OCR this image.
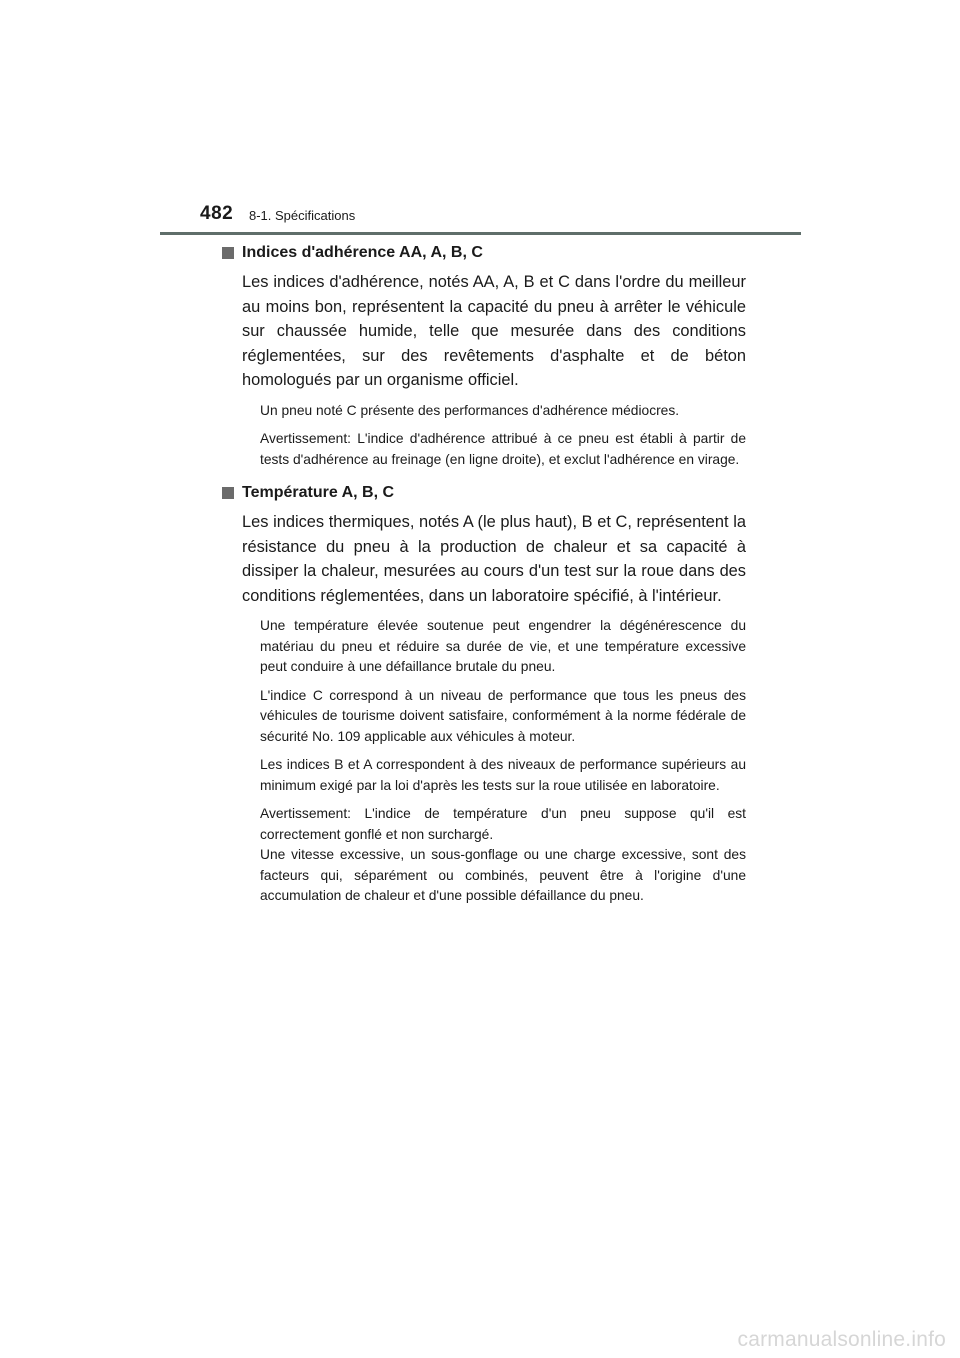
482 8-1. Spécifications
Indices d'adhérence AA, A, B, C

Les indices d'adhérence, notés AA, A, B et C dans l'ordre du meilleur au moins bon, représentent la capacité du pneu à arrêter le véhicule sur chaussée humide, telle que mesurée dans des conditions réglementées, sur des revêtements d'asphalte et de béton homologués par un organisme officiel.

Un pneu noté C présente des performances d'adhérence médiocres.

Avertissement: L'indice d'adhérence attribué à ce pneu est établi à partir de tests d'adhérence au freinage (en ligne droite), et exclut l'adhérence en virage.

Température A, B, C

Les indices thermiques, notés A (le plus haut), B et C, représentent la résistance du pneu à la production de chaleur et sa capacité à dissiper la chaleur, mesurées au cours d'un test sur la roue dans des conditions réglementées, dans un laboratoire spécifié, à l'intérieur.

Une température élevée soutenue peut engendrer la dégénérescence du matériau du pneu et réduire sa durée de vie, et une température excessive peut conduire à une défaillance brutale du pneu.

L'indice C correspond à un niveau de performance que tous les pneus des véhicules de tourisme doivent satisfaire, conformément à la norme fédérale de sécurité No. 109 applicable aux véhicules à moteur.

Les indices B et A correspondent à des niveaux de performance supérieurs au minimum exigé par la loi d'après les tests sur la roue utilisée en laboratoire.

Avertissement: L'indice de température d'un pneu suppose qu'il est correctement gonflé et non surchargé.

Une vitesse excessive, un sous-gonflage ou une charge excessive, sont des facteurs qui, séparément ou combinés, peuvent être à l'origine d'une accumulation de chaleur et d'une possible défaillance du pneu.

carmanualsonline.info
